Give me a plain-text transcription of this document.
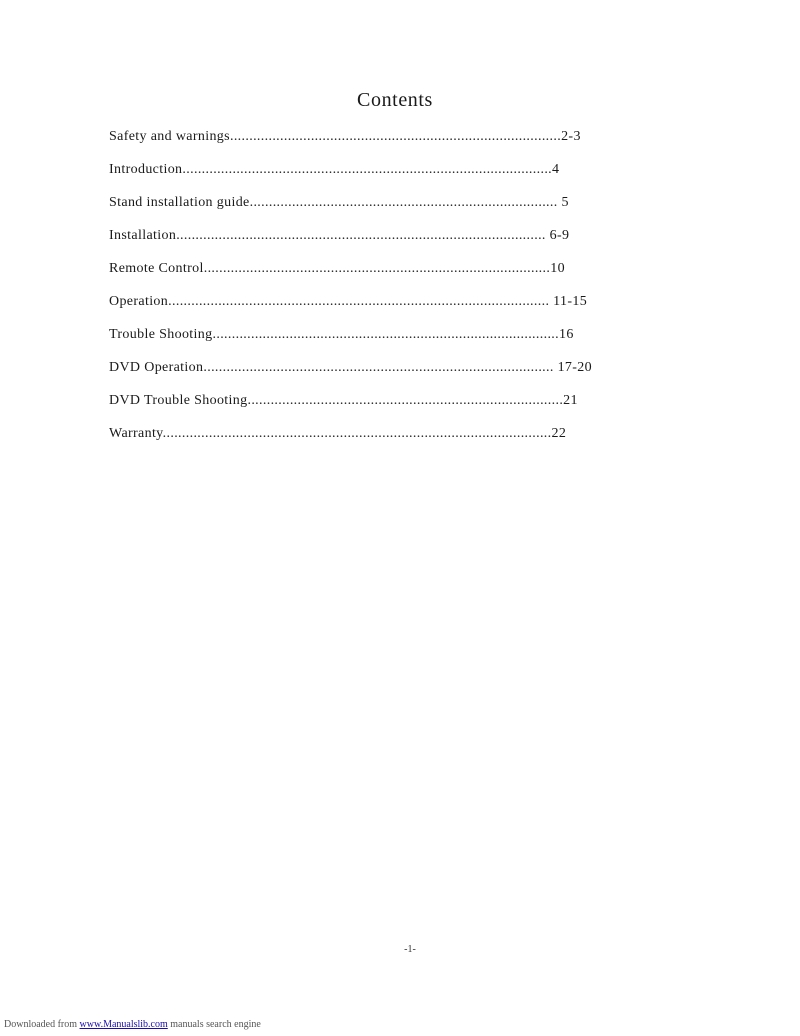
Contents
Safety and warnings......................................................................................2-3
Introduction................................................................................................4
Stand installation guide................................................................................ 5
Installation................................................................................................ 6-9
Remote Control..........................................................................................10
Operation................................................................................................... 11-15
Trouble Shooting..........................................................................................16
DVD Operation........................................................................................... 17-20
DVD Trouble Shooting..................................................................................21
Warranty.....................................................................................................22
-1-
Downloaded from www.Manualslib.com manuals search engine
